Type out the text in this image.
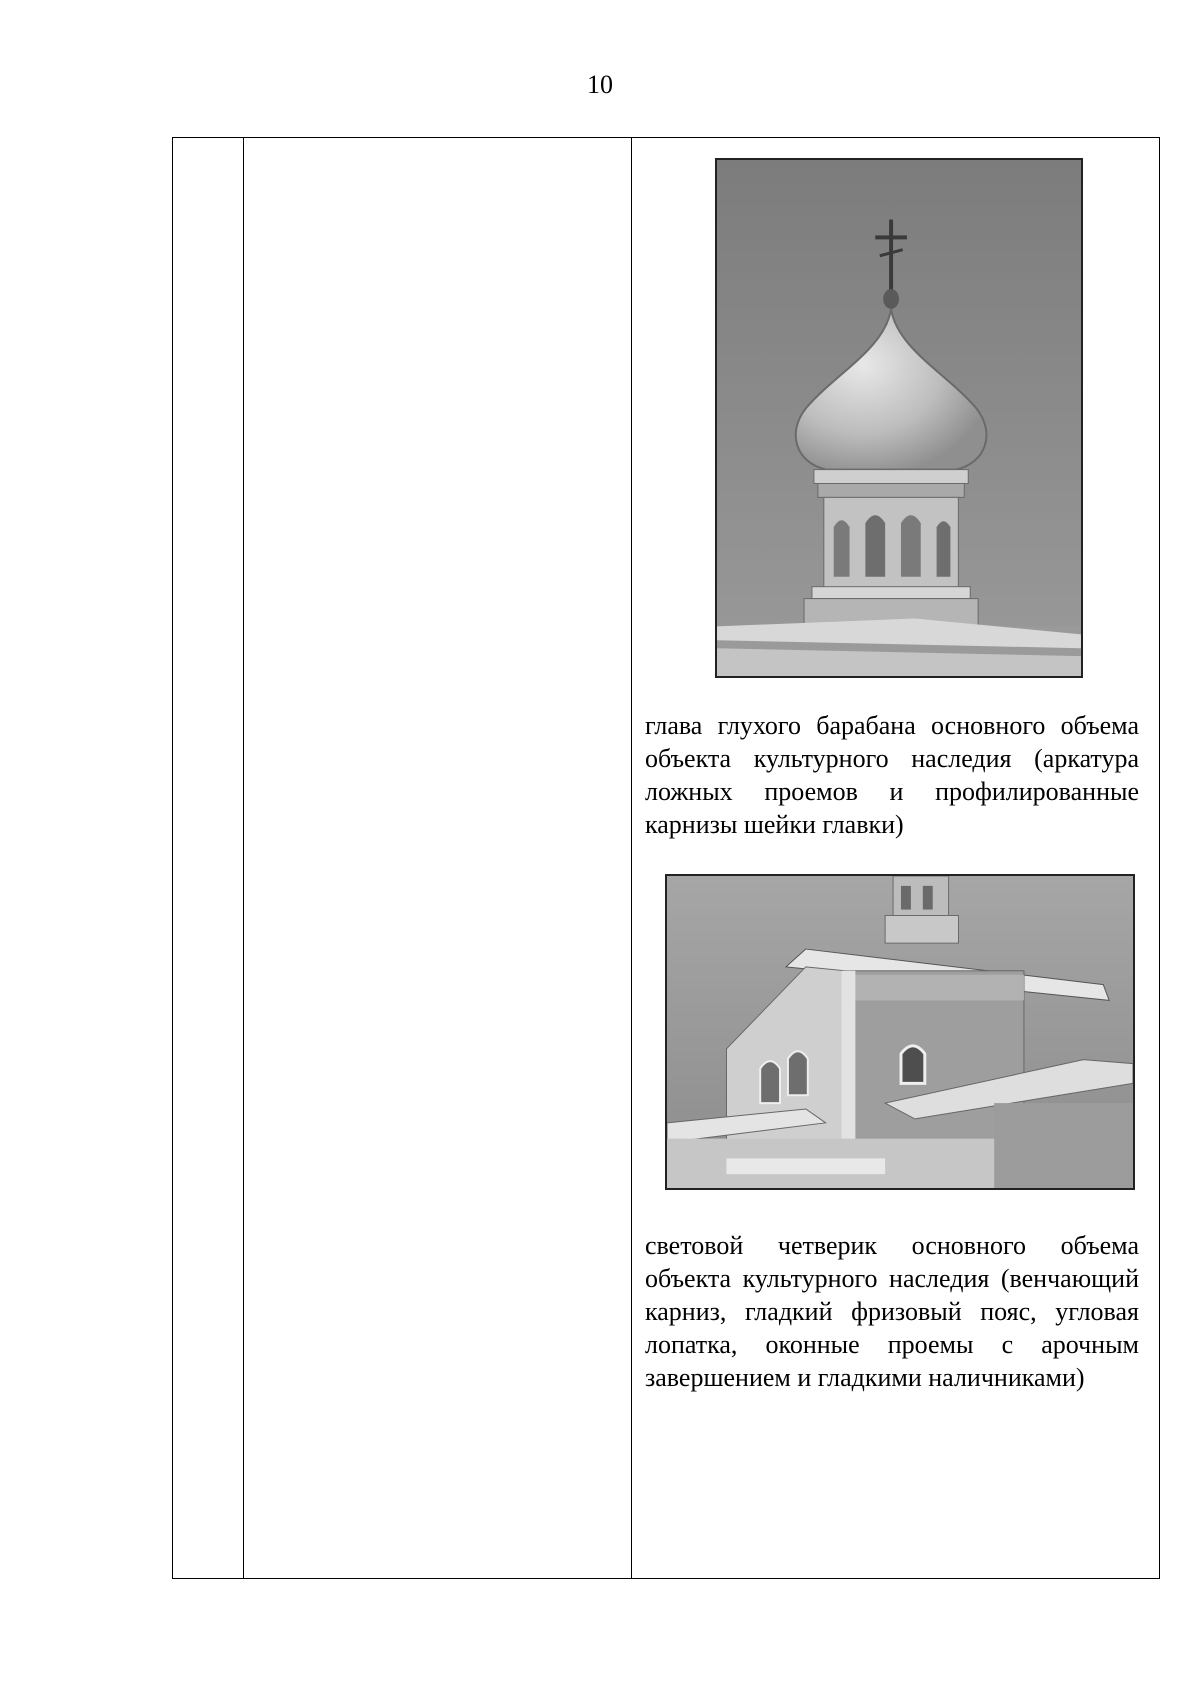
10
глава глухого барабана основного объема объекта культурного наследия (аркатура ложных проемов и профилированные карнизы шейки главки)
световой четверик основного объема объекта культурного наследия (венчающий карниз, гладкий фризовый пояс, угловая лопатка, оконные проемы с арочным завершением и гладкими наличниками)
